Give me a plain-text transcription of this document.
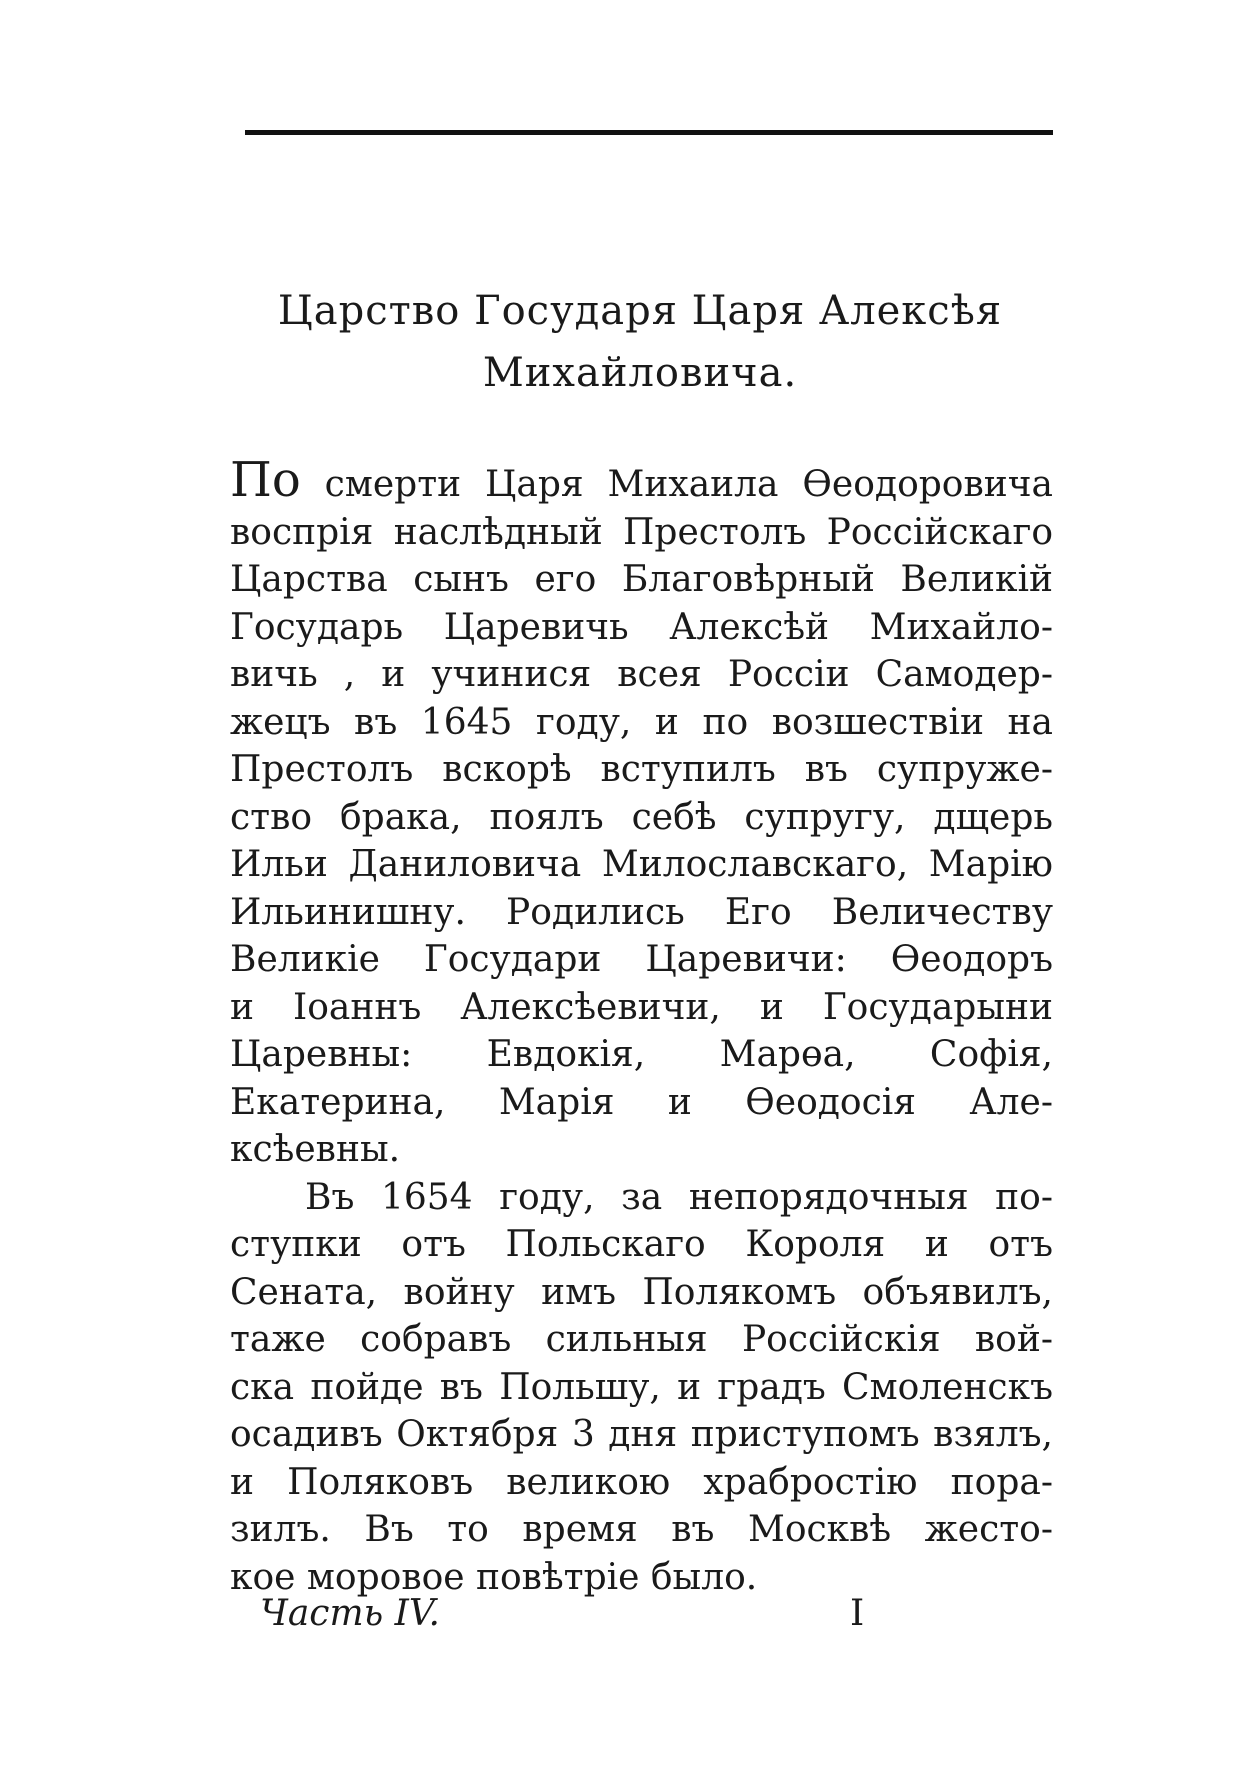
Царство Государя Царя Алексѣя
Михайловича.
По смерти Царя Михаила Өеодоровича
воспрія наслѣдный Престолъ Россійскаго
Царства сынъ его Благовѣрный Великій
Государь Царевичь Алексѣй Михайло-
вичь , и учинися всея Россіи Самодер-
жецъ въ 1645 году, и по возшествіи на
Престолъ вскорѣ вступилъ въ супруже-
ство брака, поялъ себѣ супругу, дщерь
Ильи Даниловича Милославскаго, Марію
Ильинишну. Родились Его Величеству
Великіе Государи Царевичи: Өеодоръ
и Іоаннъ Алексѣевичи, и Государыни
Царевны: Евдокія, Марөа, Софія,
Екатерина, Марія и Өеодосія Але-
ксѣевны.
Въ 1654 году, за непорядочныя по-
ступки отъ Польскаго Короля и отъ
Сената, войну имъ Полякомъ объявилъ,
таже собравъ сильныя Россійскія вой-
ска пойде въ Польшу, и градъ Смоленскъ
осадивъ Октября 3 дня приступомъ взялъ,
и Поляковъ великою храбростію пора-
зилъ. Въ то время въ Москвѣ жесто-
кое моровое повѣтріе было.
Часть IV.	I
